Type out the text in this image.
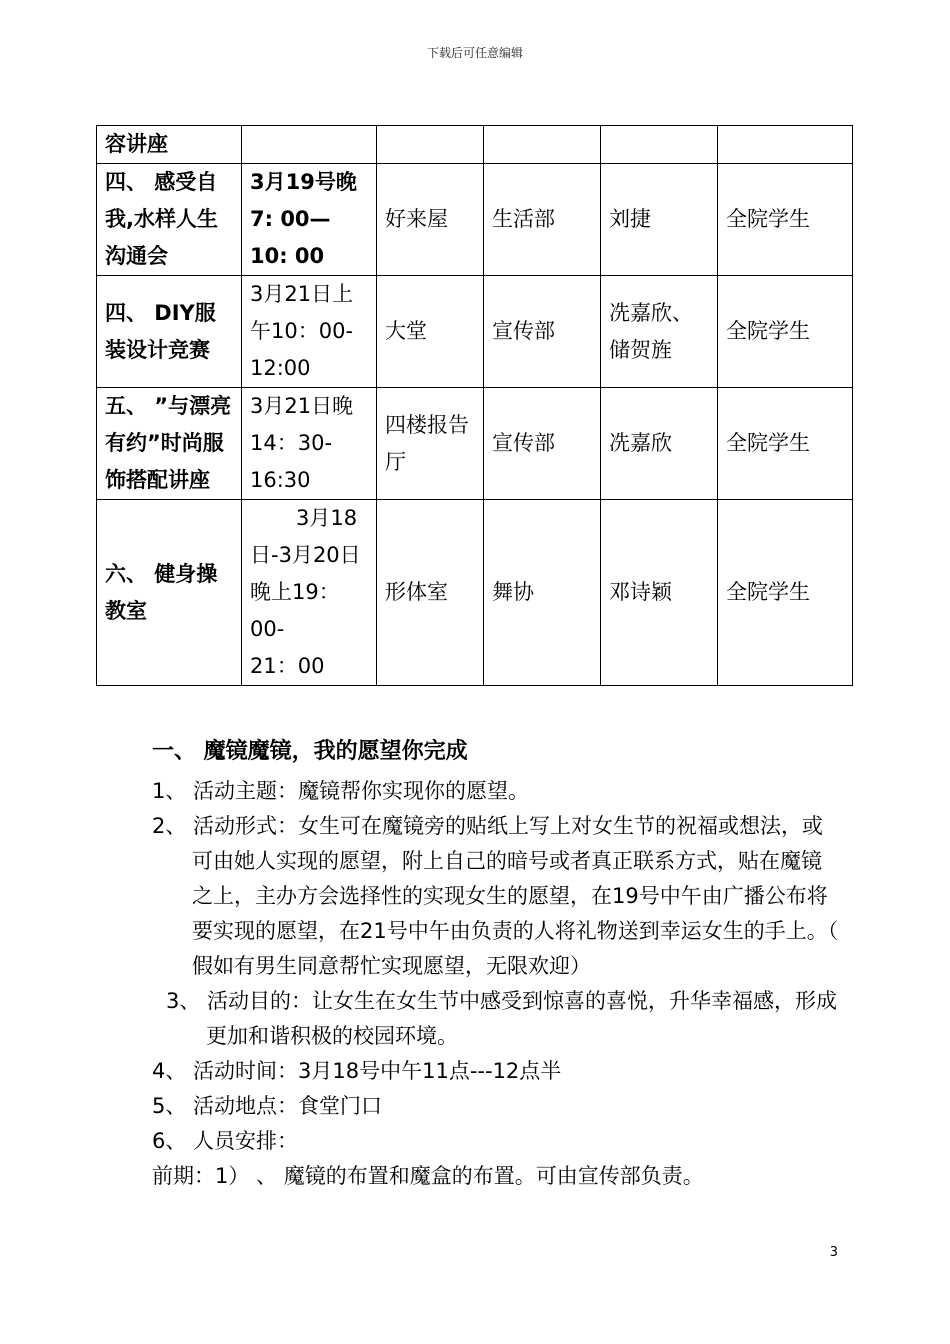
下载后可任意编辑
容讲座					
四、 感受自我,水样人生沟通会	3月19号晚7: 00—10: 00	好来屋	生活部	刘捷	全院学生
四、 DIY服装设计竞赛	3月21日上午10：00-12:00	大堂	宣传部	冼嘉欣、储贺旌	全院学生
五、 ”与漂亮有约”时尚服饰搭配讲座	3月21日晚14：30-16:30	四楼报告厅	宣传部	冼嘉欣	全院学生
六、 健身操教室	3月18
日-3月20日
晚上19：00-
21：00	形体室	舞协	邓诗颖	全院学生
一、 魔镜魔镜，我的愿望你完成

1、 活动主题：魔镜帮你实现你的愿望。

2、 活动形式：女生可在魔镜旁的贴纸上写上对女生节的祝福或想法，或可由她人实现的愿望，附上自己的暗号或者真正联系方式，贴在魔镜之上，主办方会选择性的实现女生的愿望，在19号中午由广播公布将要实现的愿望，在21号中午由负责的人将礼物送到幸运女生的手上。（ 假如有男生同意帮忙实现愿望，无限欢迎）

3、 活动目的：让女生在女生节中感受到惊喜的喜悦，升华幸福感，形成更加和谐积极的校园环境。

4、 活动时间：3月18号中午11点---12点半

5、 活动地点：食堂门口

6、 人员安排：

前期：1） 、 魔镜的布置和魔盒的布置。可由宣传部负责。

3
